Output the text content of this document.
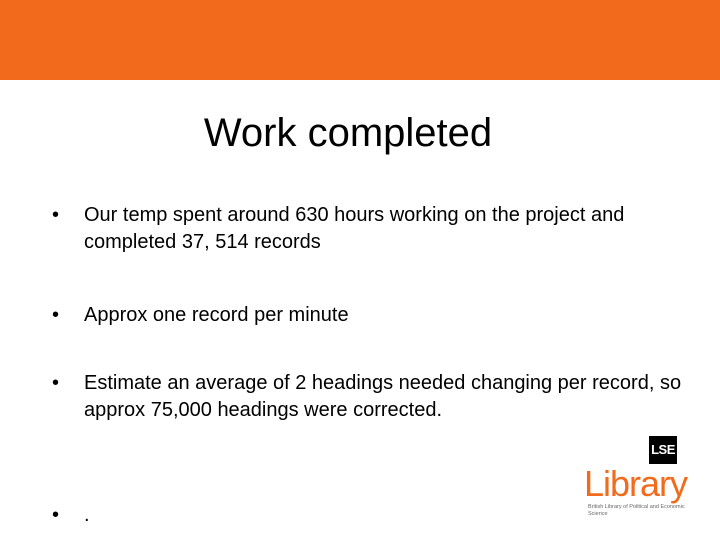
Work completed
•	Our temp spent around 630 hours working on the project and completed 37, 514 records
•	Approx one record per minute
•	Estimate an average of 2 headings needed changing per record, so approx 75,000 headings were corrected.
•	.
LSE
Library
British Library of Political and Economic Science
